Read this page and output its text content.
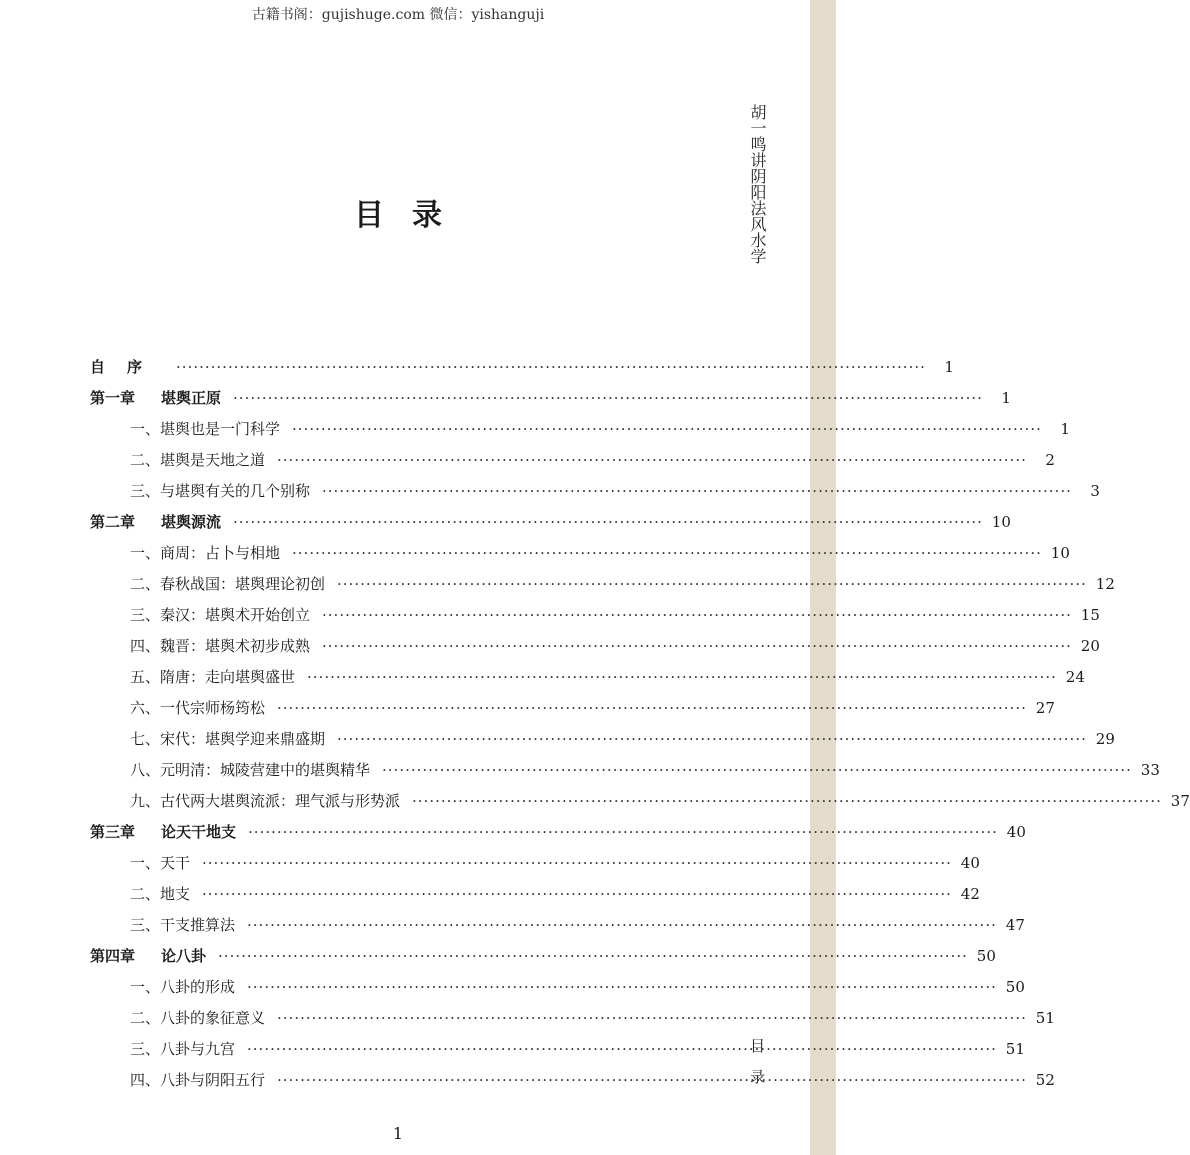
古籍书阁：gujishuge.com 微信：yishanguji
胡一鸣讲阴阳法风水学
目录
目录
自序 ··································································································································	1
第一章 堪舆正原 ··································································································································	1
一、堪舆也是一门科学 ··································································································································	1
二、堪舆是天地之道 ··································································································································	2
三、与堪舆有关的几个别称 ··································································································································	3
第二章 堪舆源流 ·································································································································· 10
一、商周：占卜与相地 ·································································································································· 10
二、春秋战国：堪舆理论初创 ·································································································································· 12
三、秦汉：堪舆术开始创立 ·································································································································· 15
四、魏晋：堪舆术初步成熟 ·································································································································· 20
五、隋唐：走向堪舆盛世 ·································································································································· 24
六、一代宗师杨筠松 ·································································································································· 27
七、宋代：堪舆学迎来鼎盛期 ·································································································································· 29
八、元明清：城陵营建中的堪舆精华 ·································································································································· 33
九、古代两大堪舆流派：理气派与形势派 ·································································································································· 37
第三章 论天干地支 ·································································································································· 40
一、天干 ·································································································································· 40
二、地支 ·································································································································· 42
三、干支推算法 ·································································································································· 47
第四章 论八卦 ·································································································································· 50
一、八卦的形成 ·································································································································· 50
二、八卦的象征意义 ·································································································································· 51
三、八卦与九宫 ·································································································································· 51
四、八卦与阴阳五行 ·································································································································· 52
1
